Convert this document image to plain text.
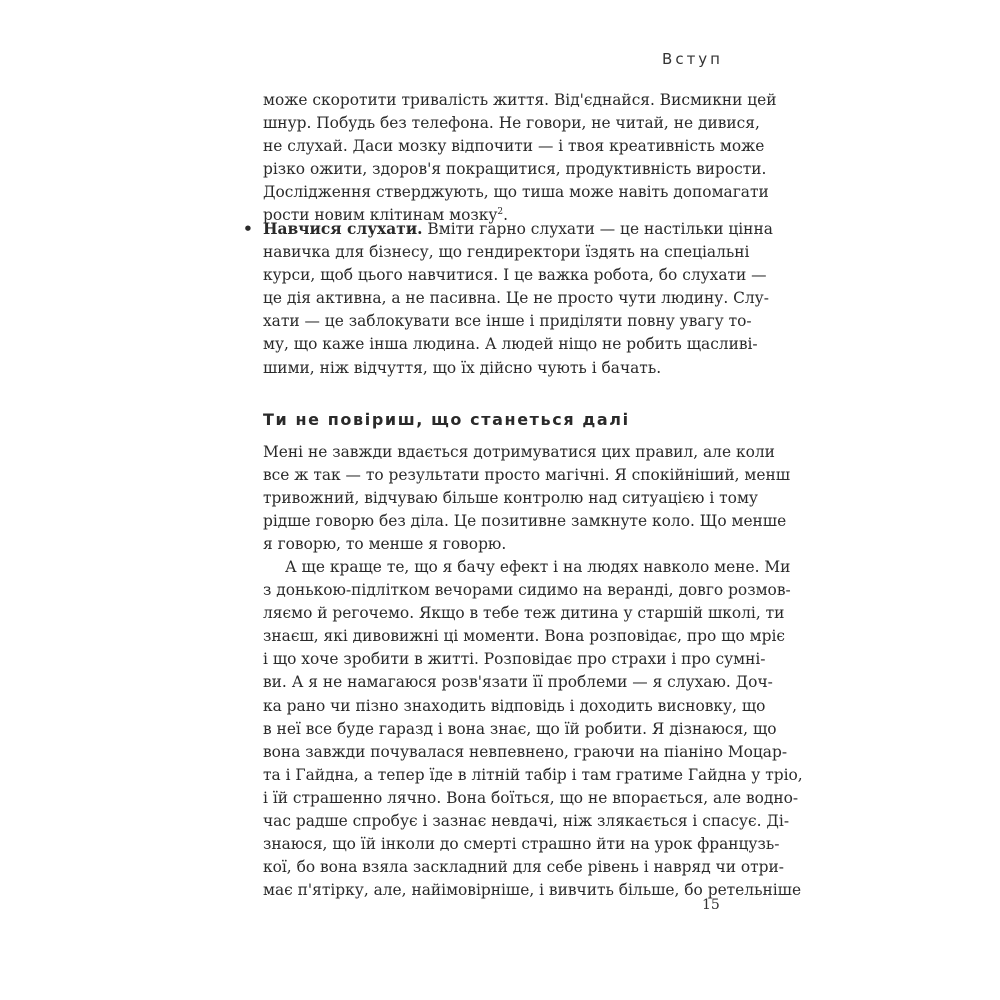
Вступ
може скоротити тривалість життя. Від'єднайся. Висмикни цей
шнур. Побудь без телефона. Не говори, не читай, не дивися,
не слухай. Даси мозку відпочити — і твоя креативність може
різко ожити, здоров'я покращитися, продуктивність вирости.
Дослідження стверджують, що тиша може навіть допомагати
рости новим клітинам мозку$^2$.
• Навчися слухати. Вміти гарно слухати — це настільки цінна
навичка для бізнесу, що гендиректори їздять на спеціальні
курси, щоб цього навчитися. І це важка робота, бо слухати —
це дія активна, а не пасивна. Це не просто чути людину. Слу-
хати — це заблокувати все інше і приділяти повну увагу то-
му, що каже інша людина. А людей ніщо не робить щасливі-
шими, ніж відчуття, що їх дійсно чують і бачать.
Ти не повіриш, що станеться далі
Мені не завжди вдається дотримуватися цих правил, але коли
все ж так — то результати просто магічні. Я спокійніший, менш
тривожний, відчуваю більше контролю над ситуацією і тому
рідше говорю без діла. Це позитивне замкнуте коло. Що менше
я говорю, то менше я говорю.
А ще краще те, що я бачу ефект і на людях навколо мене. Ми
з донькою-підлітком вечорами сидимо на веранді, довго розмов-
ляємо й регочемо. Якщо в тебе теж дитина у старшій школі, ти
знаєш, які дивовижні ці моменти. Вона розповідає, про що мріє
і що хоче зробити в житті. Розповідає про страхи і про сумні-
ви. А я не намагаюся розв'язати її проблеми — я слухаю. Доч-
ка рано чи пізно знаходить відповідь і доходить висновку, що
в неї все буде гаразд і вона знає, що їй робити. Я дізнаюся, що
вона завжди почувалася невпевнено, граючи на піаніно Моцар-
та і Гайдна, а тепер їде в літній табір і там гратиме Гайдна у тріо,
і їй страшенно лячно. Вона боїться, що не впорається, але водно-
час радше спробує і зазнає невдачі, ніж злякається і спасує. Ді-
знаюся, що їй інколи до смерті страшно йти на урок французь-
кої, бо вона взяла заскладний для себе рівень і навряд чи отри-
має п'ятірку, але, найімовірніше, і вивчить більше, бо ретельніше
15
